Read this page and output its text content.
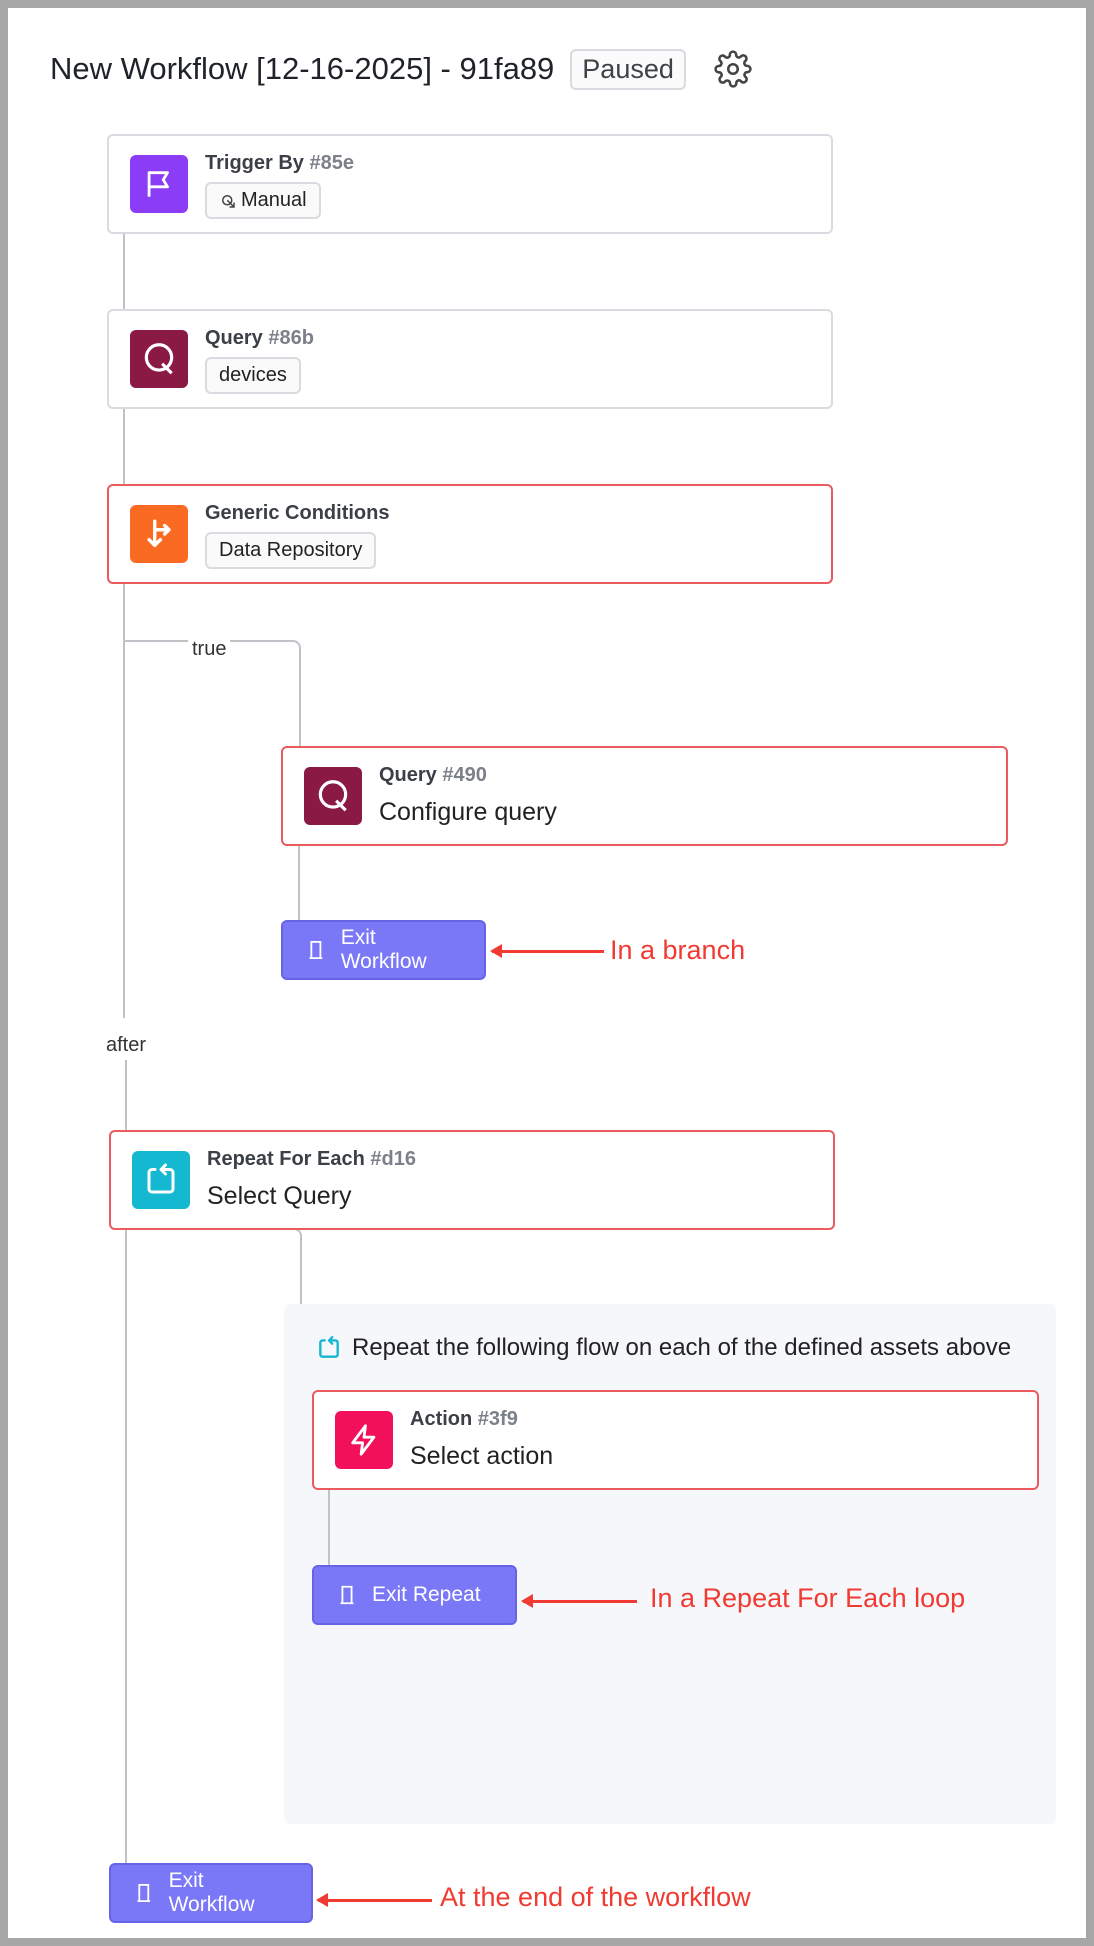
New Workflow [12-16-2025] - 91fa89	Paused
true
after
Trigger By #85e
Manual
Query #86b
devices
Generic Conditions
Data Repository
Query #490
Configure query
Exit Workflow	In a branch
Repeat For Each #d16
Select Query
Repeat the following flow on each of the defined assets above
Action #3f9
Select action
Exit Repeat	In a Repeat For Each loop
Exit Workflow	At the end of the workflow
